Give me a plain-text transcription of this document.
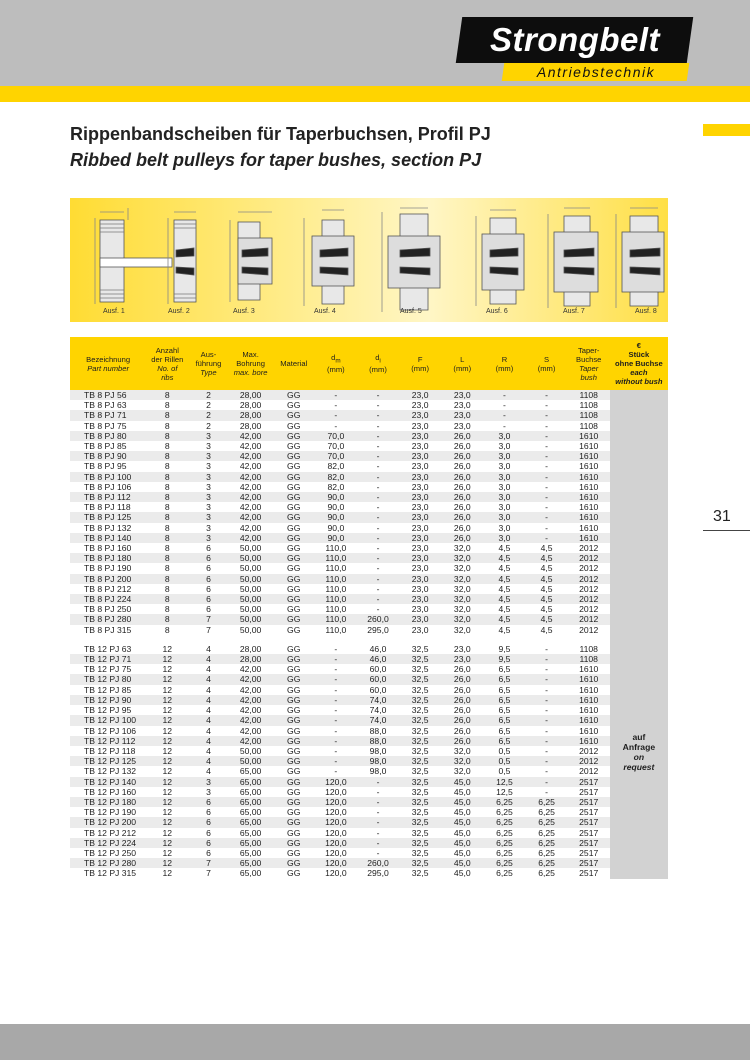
Strongbelt
Antriebstechnik
31
Rippenbandscheiben für Taperbuchsen, Profil PJ
Ribbed belt pulleys for taper bushes, section PJ
Ausf. 1	Ausf. 2	Ausf. 3	Ausf. 4	Ausf. 5	Ausf. 6	Ausf. 7	Ausf. 8
Bezeichnung
Part number	Anzahl
der Rillen
No. of
ribs	Aus-
führung
Type	Max.
Bohrung
max. bore	Material	$d_m$
(mm)	$d_i$
(mm)	F
(mm)	L
(mm)	R
(mm)	S
(mm)	Taper-
Buchse
Taper
bush	€
Stück
ohne Buchse
each
without bush
TB 8 PJ 56	8	2	28,00	GG	-	-	23,0	23,0	-	-	1108	auf
Anfrage
on
request

TB 8 PJ 63	8	2	28,00	GG	-	-	23,0	23,0	-	-	1108	
TB 8 PJ 71	8	2	28,00	GG	-	-	23,0	23,0	-	-	1108	
TB 8 PJ 75	8	2	28,00	GG	-	-	23,0	23,0	-	-	1108	
TB 8 PJ 80	8	3	42,00	GG	70,0	-	23,0	26,0	3,0	-	1610	
TB 8 PJ 85	8	3	42,00	GG	70,0	-	23,0	26,0	3,0	-	1610	
TB 8 PJ 90	8	3	42,00	GG	70,0	-	23,0	26,0	3,0	-	1610	
TB 8 PJ 95	8	3	42,00	GG	82,0	-	23,0	26,0	3,0	-	1610	
TB 8 PJ 100	8	3	42,00	GG	82,0	-	23,0	26,0	3,0	-	1610	
TB 8 PJ 106	8	3	42,00	GG	82,0	-	23,0	26,0	3,0	-	1610	
TB 8 PJ 112	8	3	42,00	GG	90,0	-	23,0	26,0	3,0	-	1610	
TB 8 PJ 118	8	3	42,00	GG	90,0	-	23,0	26,0	3,0	-	1610	
TB 8 PJ 125	8	3	42,00	GG	90,0	-	23,0	26,0	3,0	-	1610	
TB 8 PJ 132	8	3	42,00	GG	90,0	-	23,0	26,0	3,0	-	1610	
TB 8 PJ 140	8	3	42,00	GG	90,0	-	23,0	26,0	3,0	-	1610	
TB 8 PJ 160	8	6	50,00	GG	110,0	-	23,0	32,0	4,5	4,5	2012	
TB 8 PJ 180	8	6	50,00	GG	110,0	-	23,0	32,0	4,5	4,5	2012	
TB 8 PJ 190	8	6	50,00	GG	110,0	-	23,0	32,0	4,5	4,5	2012	
TB 8 PJ 200	8	6	50,00	GG	110,0	-	23,0	32,0	4,5	4,5	2012	
TB 8 PJ 212	8	6	50,00	GG	110,0	-	23,0	32,0	4,5	4,5	2012	
TB 8 PJ 224	8	6	50,00	GG	110,0	-	23,0	32,0	4,5	4,5	2012	
TB 8 PJ 250	8	6	50,00	GG	110,0	-	23,0	32,0	4,5	4,5	2012	
TB 8 PJ 280	8	7	50,00	GG	110,0	260,0	23,0	32,0	4,5	4,5	2012	
TB 8 PJ 315	8	7	50,00	GG	110,0	295,0	23,0	32,0	4,5	4,5	2012	

TB 12 PJ 63	12	4	28,00	GG	-	46,0	32,5	23,0	9,5	-	1108	
TB 12 PJ 71	12	4	28,00	GG	-	46,0	32,5	23,0	9,5	-	1108	
TB 12 PJ 75	12	4	42,00	GG	-	60,0	32,5	26,0	6,5	-	1610	
TB 12 PJ 80	12	4	42,00	GG	-	60,0	32,5	26,0	6,5	-	1610	
TB 12 PJ 85	12	4	42,00	GG	-	60,0	32,5	26,0	6,5	-	1610	
TB 12 PJ 90	12	4	42,00	GG	-	74,0	32,5	26,0	6,5	-	1610	
TB 12 PJ 95	12	4	42,00	GG	-	74,0	32,5	26,0	6,5	-	1610	
TB 12 PJ 100	12	4	42,00	GG	-	74,0	32,5	26,0	6,5	-	1610	
TB 12 PJ 106	12	4	42,00	GG	-	88,0	32,5	26,0	6,5	-	1610	
TB 12 PJ 112	12	4	42,00	GG	-	88,0	32,5	26,0	6,5	-	1610	
TB 12 PJ 118	12	4	50,00	GG	-	98,0	32,5	32,0	0,5	-	2012	
TB 12 PJ 125	12	4	50,00	GG	-	98,0	32,5	32,0	0,5	-	2012	
TB 12 PJ 132	12	4	65,00	GG	-	98,0	32,5	32,0	0,5	-	2012	
TB 12 PJ 140	12	3	65,00	GG	120,0	-	32,5	45,0	12,5	-	2517	
TB 12 PJ 160	12	3	65,00	GG	120,0	-	32,5	45,0	12,5	-	2517	
TB 12 PJ 180	12	6	65,00	GG	120,0	-	32,5	45,0	6,25	6,25	2517	
TB 12 PJ 190	12	6	65,00	GG	120,0	-	32,5	45,0	6,25	6,25	2517	
TB 12 PJ 200	12	6	65,00	GG	120,0	-	32,5	45,0	6,25	6,25	2517	
TB 12 PJ 212	12	6	65,00	GG	120,0	-	32,5	45,0	6,25	6,25	2517	
TB 12 PJ 224	12	6	65,00	GG	120,0	-	32,5	45,0	6,25	6,25	2517	
TB 12 PJ 250	12	6	65,00	GG	120,0	-	32,5	45,0	6,25	6,25	2517	
TB 12 PJ 280	12	7	65,00	GG	120,0	260,0	32,5	45,0	6,25	6,25	2517	
TB 12 PJ 315	12	7	65,00	GG	120,0	295,0	32,5	45,0	6,25	6,25	2517	
